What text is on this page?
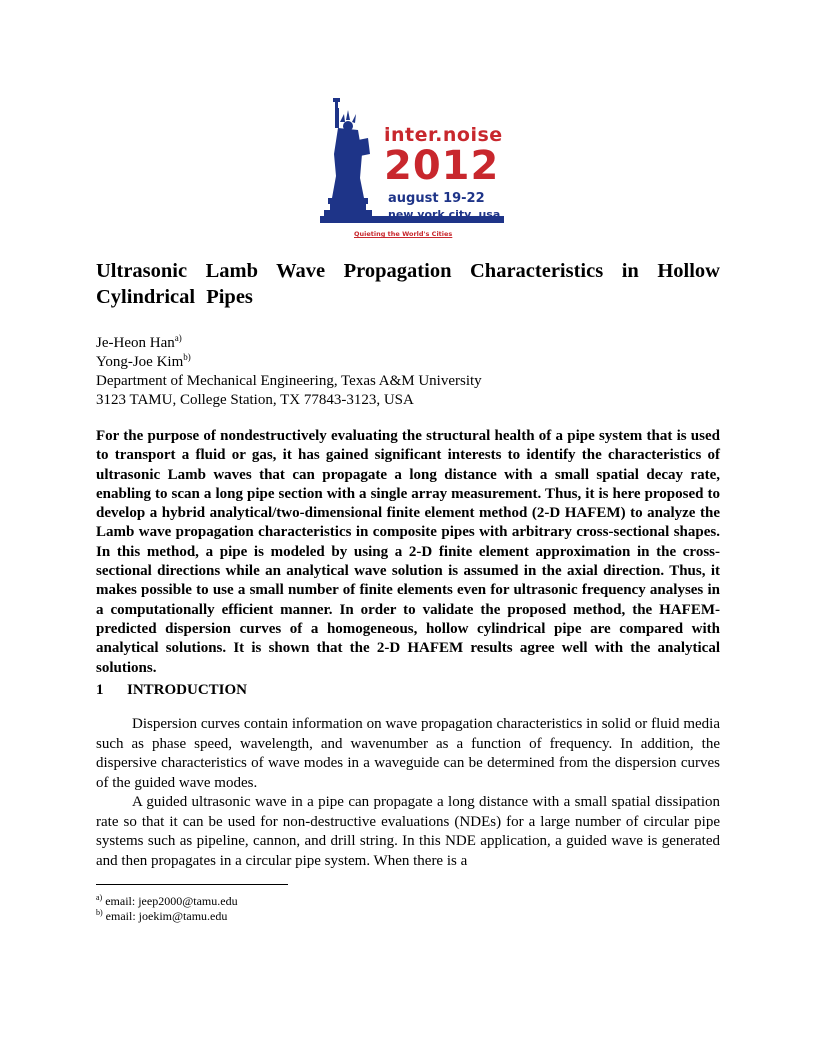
inter.noise
2012
august 19-22
new york city, usa
Quieting the World's Cities
Ultrasonic Lamb Wave Propagation Characteristics in Hollow Cylindrical Pipes
Je-Heon Han$^{a)}$
Yong-Joe Kim$^{b)}$
Department of Mechanical Engineering, Texas A&M University
3123 TAMU, College Station, TX 77843-3123, USA

For the purpose of nondestructively evaluating the structural health of a pipe system that is used to transport a fluid or gas, it has gained significant interests to identify the characteristics of ultrasonic Lamb waves that can propagate a long distance with a small spatial decay rate, enabling to scan a long pipe section with a single array measurement. Thus, it is here proposed to develop a hybrid analytical/two-dimensional finite element method (2-D HAFEM) to analyze the Lamb wave propagation characteristics in composite pipes with arbitrary cross-sectional shapes. In this method, a pipe is modeled by using a 2-D finite element approximation in the cross-sectional directions while an analytical wave solution is assumed in the axial direction. Thus, it makes possible to use a small number of finite elements even for ultrasonic frequency analyses in a computationally efficient manner. In order to validate the proposed method, the HAFEM-predicted dispersion curves of a homogeneous, hollow cylindrical pipe are compared with analytical solutions. It is shown that the 2-D HAFEM results agree well with the analytical solutions.

1 INTRODUCTION

Dispersion curves contain information on wave propagation characteristics in solid or fluid media such as phase speed, wavelength, and wavenumber as a function of frequency. In addition, the dispersive characteristics of wave modes in a waveguide can be determined from the dispersion curves of the guided wave modes.

A guided ultrasonic wave in a pipe can propagate a long distance with a small spatial dissipation rate so that it can be used for non-destructive evaluations (NDEs) for a large number of circular pipe systems such as pipeline, cannon, and drill string. In this NDE application, a guided wave is generated and then propagates in a circular pipe system. When there is a

$^{a)}$ email: jeep2000@tamu.edu
$^{b)}$ email: joekim@tamu.edu
